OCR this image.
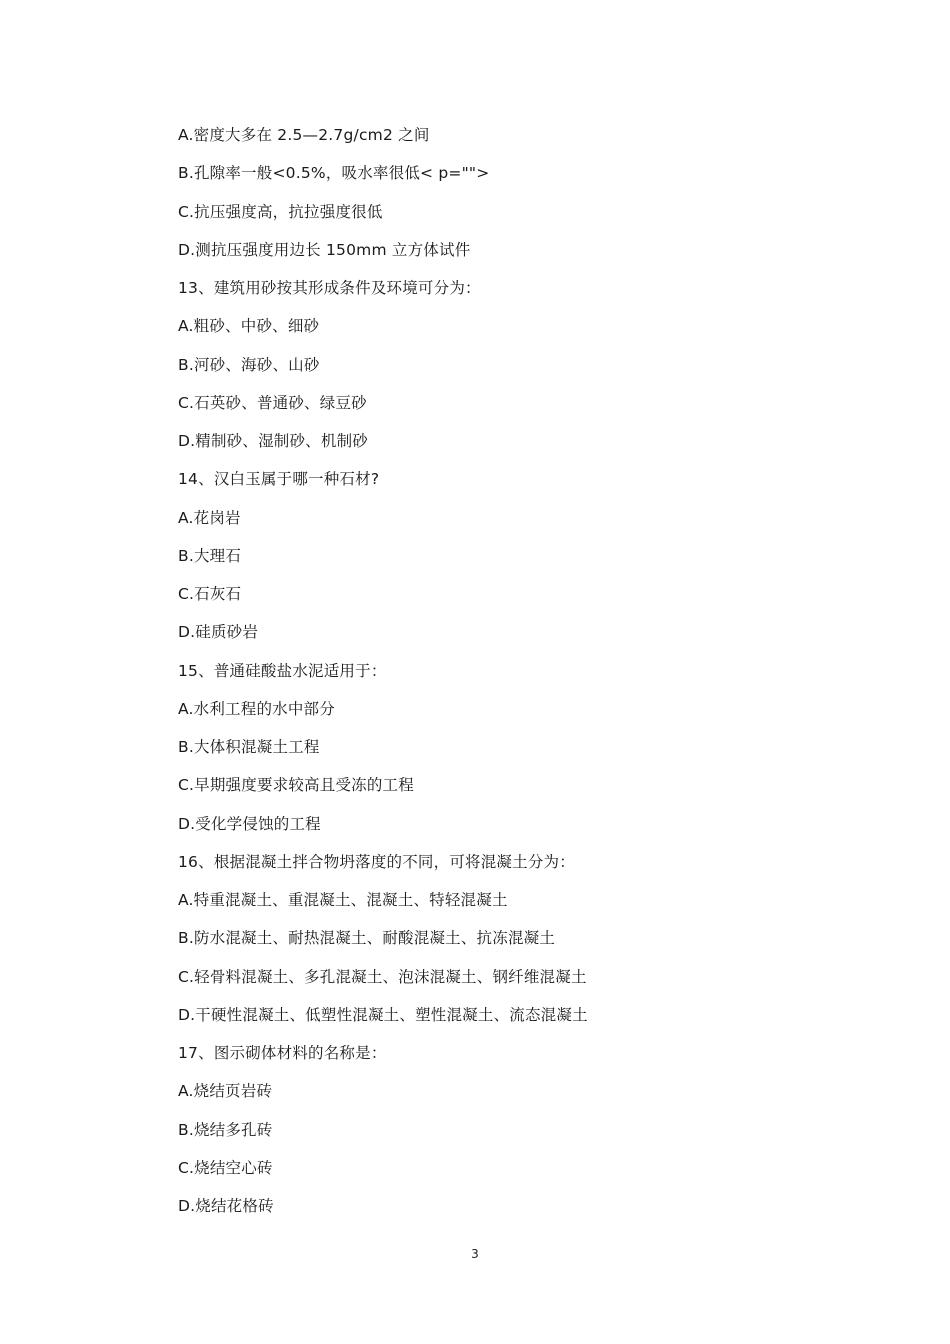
A.密度大多在 2.5—2.7g/cm2 之间
B.孔隙率一般<0.5%，吸水率很低< p="">
C.抗压强度高，抗拉强度很低
D.测抗压强度用边长 150mm 立方体试件
13、建筑用砂按其形成条件及环境可分为：
A.粗砂、中砂、细砂
B.河砂、海砂、山砂
C.石英砂、普通砂、绿豆砂
D.精制砂、湿制砂、机制砂
14、汉白玉属于哪一种石材?
A.花岗岩
B.大理石
C.石灰石
D.硅质砂岩
15、普通硅酸盐水泥适用于：
A.水利工程的水中部分
B.大体积混凝土工程
C.早期强度要求较高且受冻的工程
D.受化学侵蚀的工程
16、根据混凝土拌合物坍落度的不同，可将混凝土分为：
A.特重混凝土、重混凝土、混凝土、特轻混凝土
B.防水混凝土、耐热混凝土、耐酸混凝土、抗冻混凝土
C.轻骨料混凝土、多孔混凝土、泡沫混凝土、钢纤维混凝土
D.干硬性混凝土、低塑性混凝土、塑性混凝土、流态混凝土
17、图示砌体材料的名称是：
A.烧结页岩砖
B.烧结多孔砖
C.烧结空心砖
D.烧结花格砖
3
